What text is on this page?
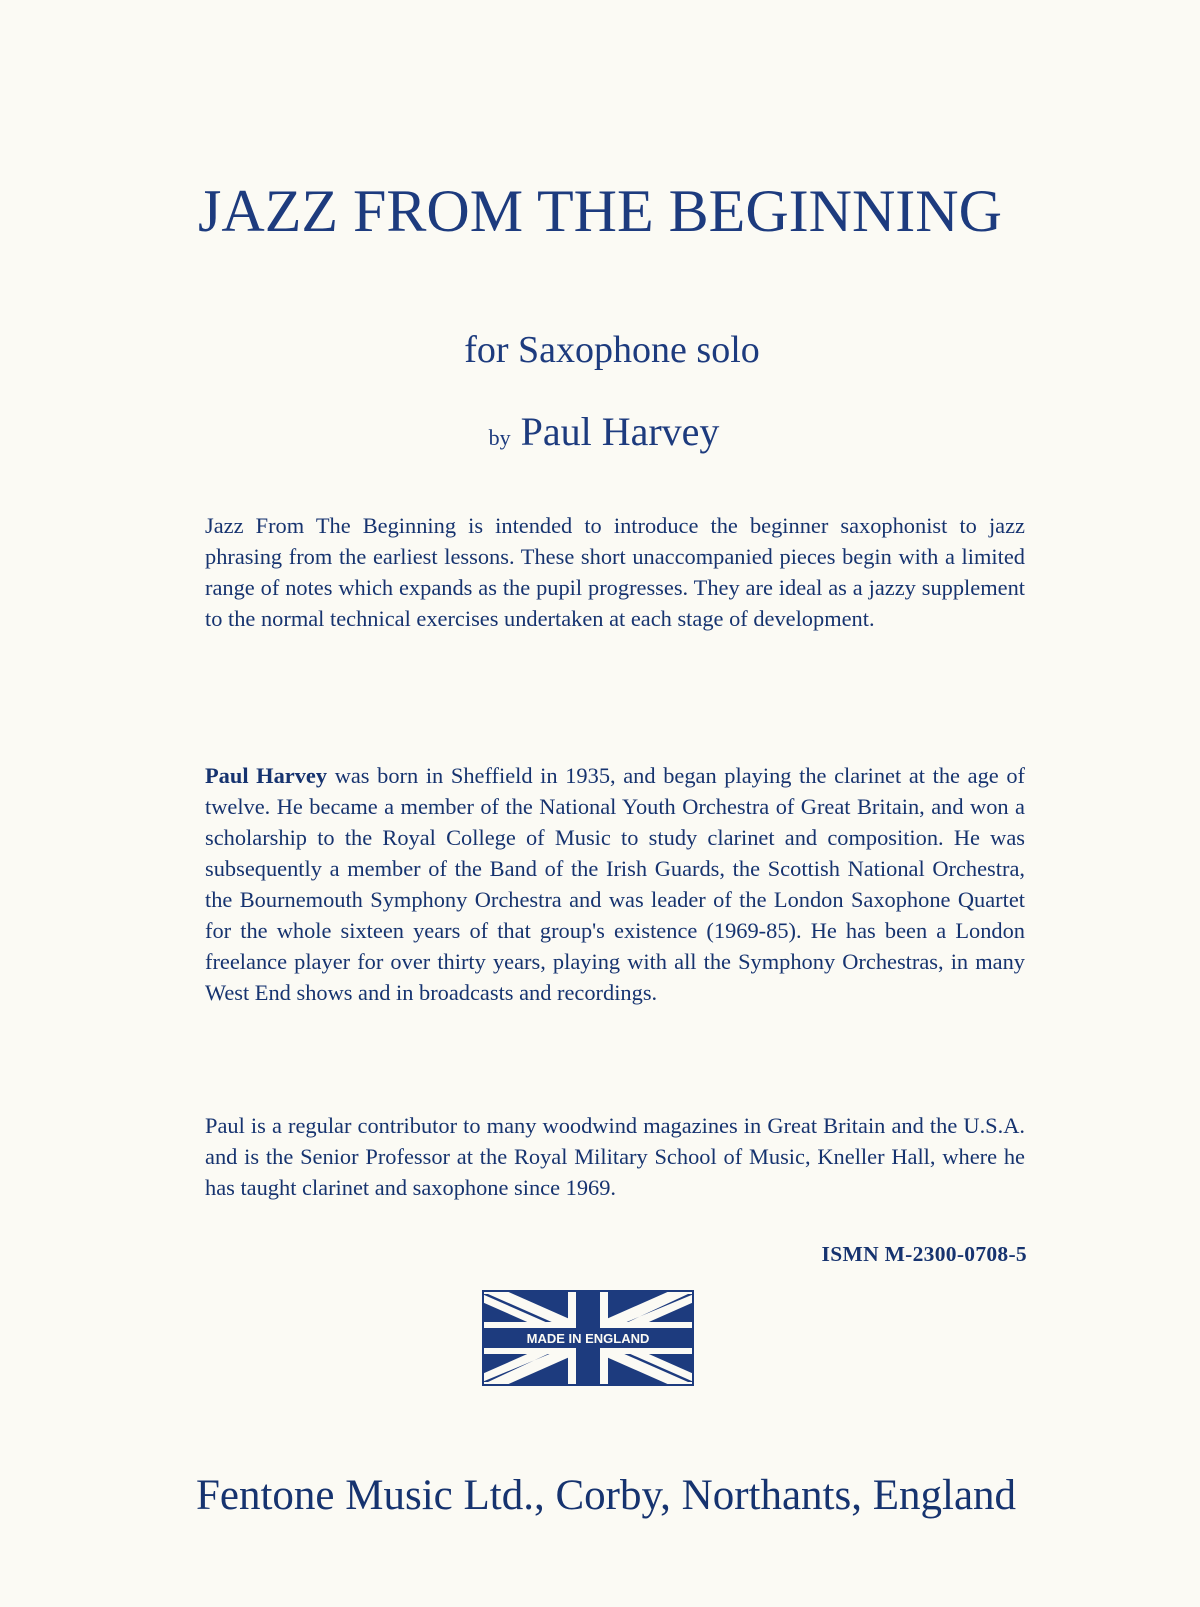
JAZZ FROM THE BEGINNING

for Saxophone solo

by Paul Harvey

Jazz From The Beginning is intended to introduce the beginner saxophonist to jazz phrasing from the earliest lessons. These short unaccompanied pieces begin with a limited range of notes which expands as the pupil progresses. They are ideal as a jazzy supplement to the normal technical exercises undertaken at each stage of development.

Paul Harvey was born in Sheffield in 1935, and began playing the clarinet at the age of twelve. He became a member of the National Youth Orchestra of Great Britain, and won a scholarship to the Royal College of Music to study clarinet and composition. He was subsequently a member of the Band of the Irish Guards, the Scottish National Orchestra, the Bournemouth Symphony Orchestra and was leader of the London Saxophone Quartet for the whole sixteen years of that group's existence (1969-85). He has been a London freelance player for over thirty years, playing with all the Symphony Orchestras, in many West End shows and in broadcasts and recordings.

Paul is a regular contributor to many woodwind magazines in Great Britain and the U.S.A. and is the Senior Professor at the Royal Military School of Music, Kneller Hall, where he has taught clarinet and saxophone since 1969.

ISMN M-2300-0708-5

MADE IN ENGLAND

Fentone Music Ltd., Corby, Northants, England
